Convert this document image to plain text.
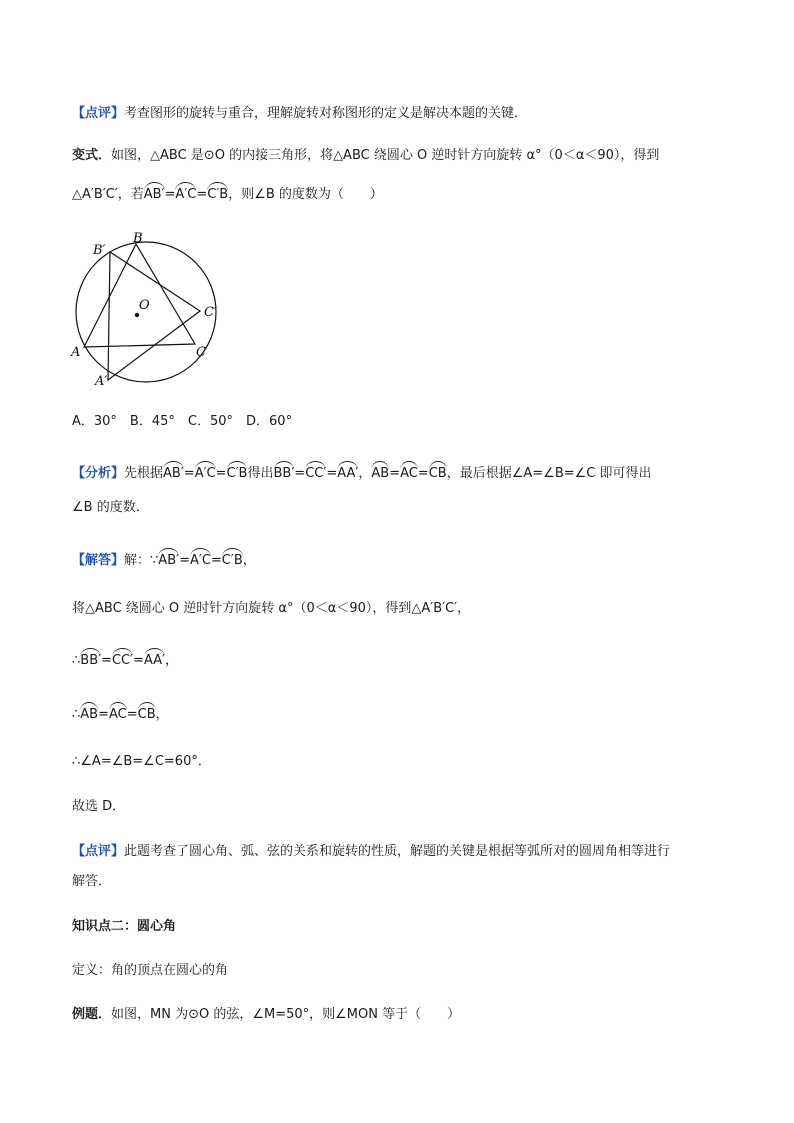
【点评】考查图形的旋转与重合，理解旋转对称图形的定义是解决本题的关键．
变式．如图，△ABC 是⊙O 的内接三角形，将△ABC 绕圆心 O 逆时针方向旋转 α°（0＜α＜90），得到
△A′B′C′，若AB′=A′C=C′B，则∠B 的度数为（　　）
B′
B
O	C′
A	C
A′
A．30°　B．45°　C．50°　D．60°
【分析】先根据AB′=A′C=C′B得出BB′=CC′=AA′，AB=AC=CB，最后根据∠A=∠B=∠C 即可得出
∠B 的度数．
【解答】解：∵AB′=A′C=C′B，
将△ABC 绕圆心 O 逆时针方向旋转 α°（0＜α＜90），得到△A′B′C′，
∴BB′=CC′=AA′，
∴AB=AC=CB，
∴∠A=∠B=∠C=60°．
故选 D．
【点评】此题考查了圆心角、弧、弦的关系和旋转的性质，解题的关键是根据等弧所对的圆周角相等进行
解答．
知识点二：圆心角
定义：角的顶点在圆心的角
例题．如图，MN 为⊙O 的弦，∠M=50°，则∠MON 等于（　　）
